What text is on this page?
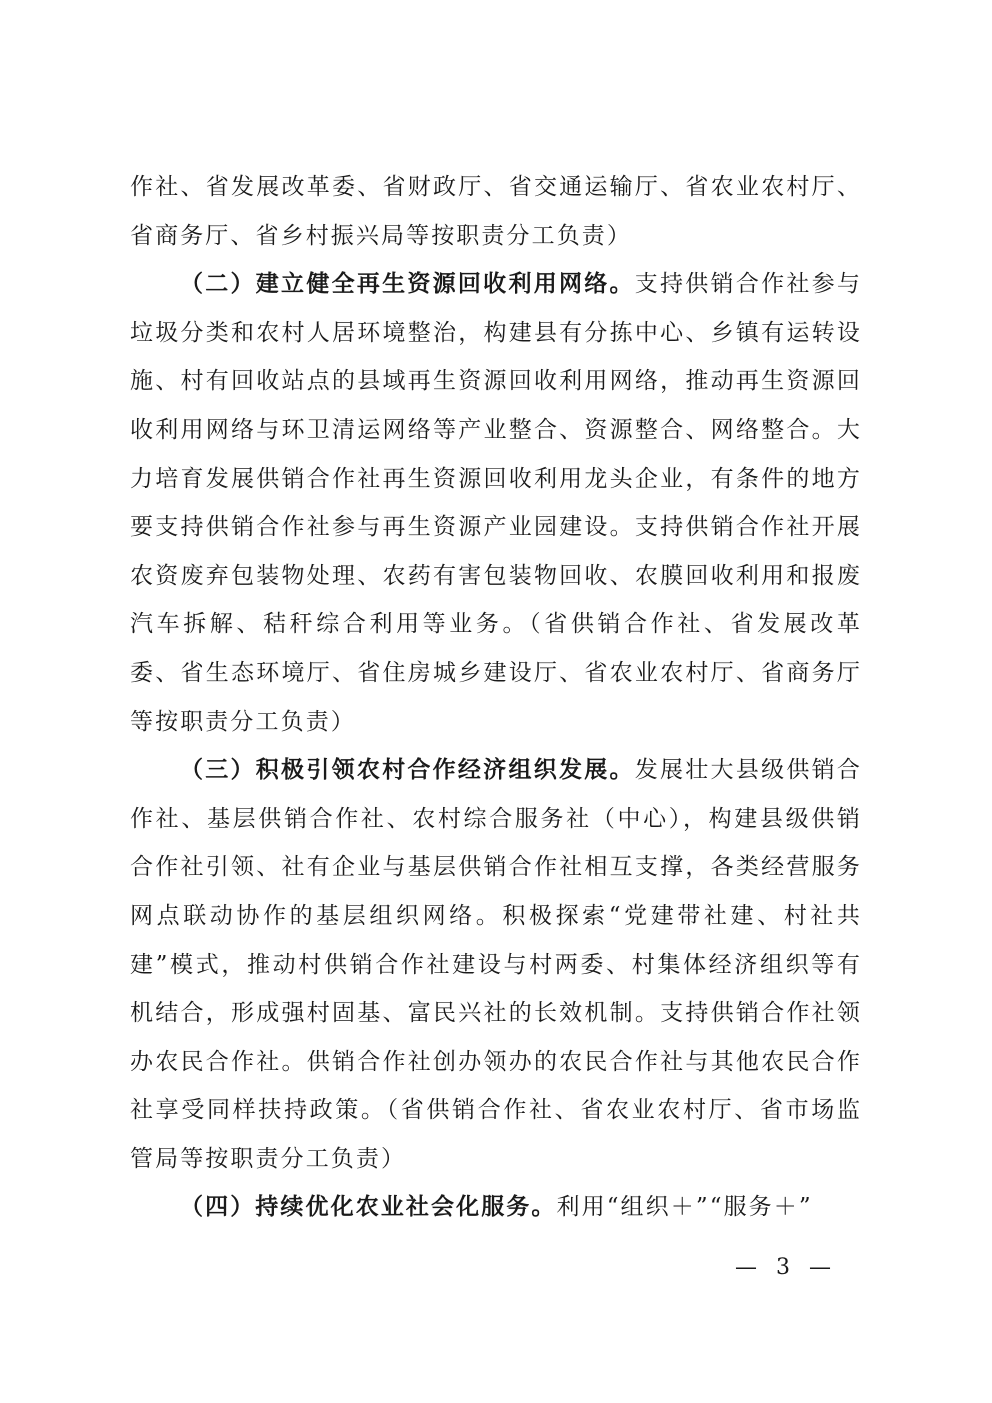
作社、省发展改革委、省财政厅、省交通运输厅、省农业农村厅、省商务厅、省乡村振兴局等按职责分工负责）

（二）建立健全再生资源回收利用网络。支持供销合作社参与垃圾分类和农村人居环境整治，构建县有分拣中心、乡镇有运转设施、村有回收站点的县域再生资源回收利用网络，推动再生资源回收利用网络与环卫清运网络等产业整合、资源整合、网络整合。大力培育发展供销合作社再生资源回收利用龙头企业，有条件的地方要支持供销合作社参与再生资源产业园建设。支持供销合作社开展农资废弃包装物处理、农药有害包装物回收、农膜回收利用和报废汽车拆解、秸秆综合利用等业务。（省供销合作社、省发展改革委、省生态环境厅、省住房城乡建设厅、省农业农村厅、省商务厅等按职责分工负责）

（三）积极引领农村合作经济组织发展。发展壮大县级供销合作社、基层供销合作社、农村综合服务社（中心），构建县级供销合作社引领、社有企业与基层供销合作社相互支撑，各类经营服务网点联动协作的基层组织网络。积极探索“党建带社建、村社共建”模式，推动村供销合作社建设与村两委、村集体经济组织等有机结合，形成强村固基、富民兴社的长效机制。支持供销合作社领办农民合作社。供销合作社创办领办的农民合作社与其他农民合作社享受同样扶持政策。（省供销合作社、省农业农村厅、省市场监管局等按职责分工负责）

（四）持续优化农业社会化服务。利用“组织＋”“服务＋”

— 3 —
